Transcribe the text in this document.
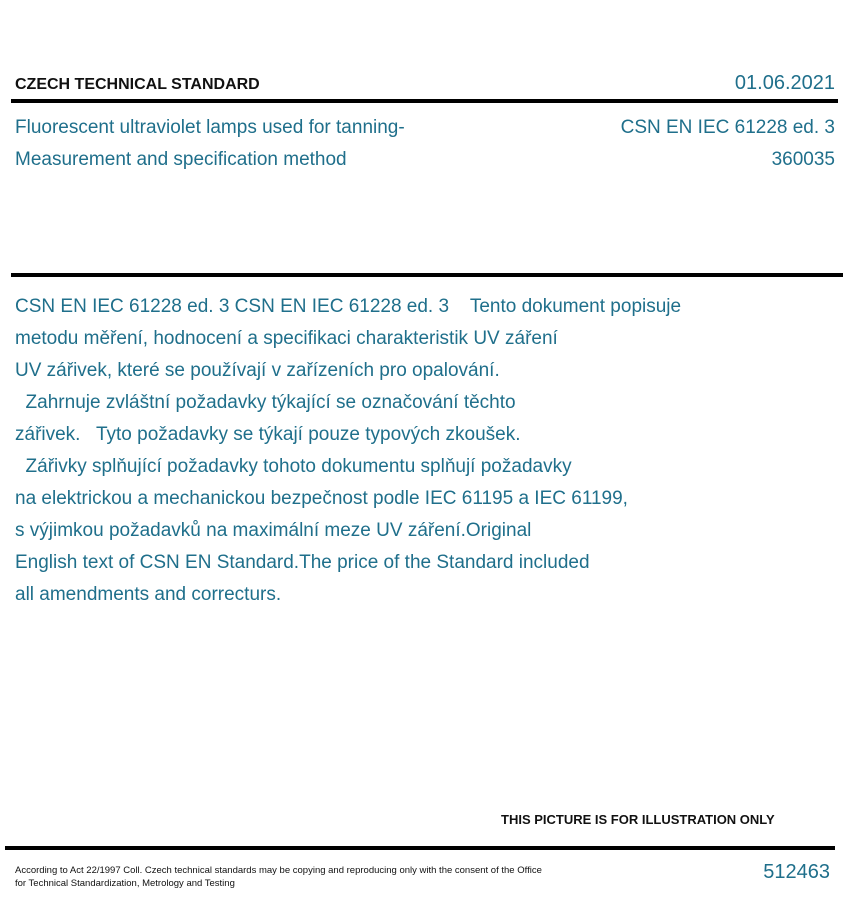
CZECH TECHNICAL STANDARD	01.06.2021
Fluorescent ultraviolet lamps used for tanning-
Measurement and specification method
CSN EN IEC 61228 ed. 3
360035
CSN EN IEC 61228 ed. 3 CSN EN IEC 61228 ed. 3    Tento dokument popisuje
metodu měření, hodnocení a specifikaci charakteristik UV záření
UV zářivek, které se používají v zařízeních pro opalování.
Zahrnuje zvláštní požadavky týkající se označování těchto
zářivek.   Tyto požadavky se týkají pouze typových zkoušek.
Zářivky splňující požadavky tohoto dokumentu splňují požadavky
na elektrickou a mechanickou bezpečnost podle IEC 61195 a IEC 61199,
s výjimkou požadavků na maximální meze UV záření.Original
English text of CSN EN Standard.The price of the Standard included
all amendments and correcturs.
THIS PICTURE IS FOR ILLUSTRATION ONLY
According to Act 22/1997 Coll. Czech technical standards may be copying and reproducing only with the consent of the Office
for Technical Standardization, Metrology and Testing
512463
